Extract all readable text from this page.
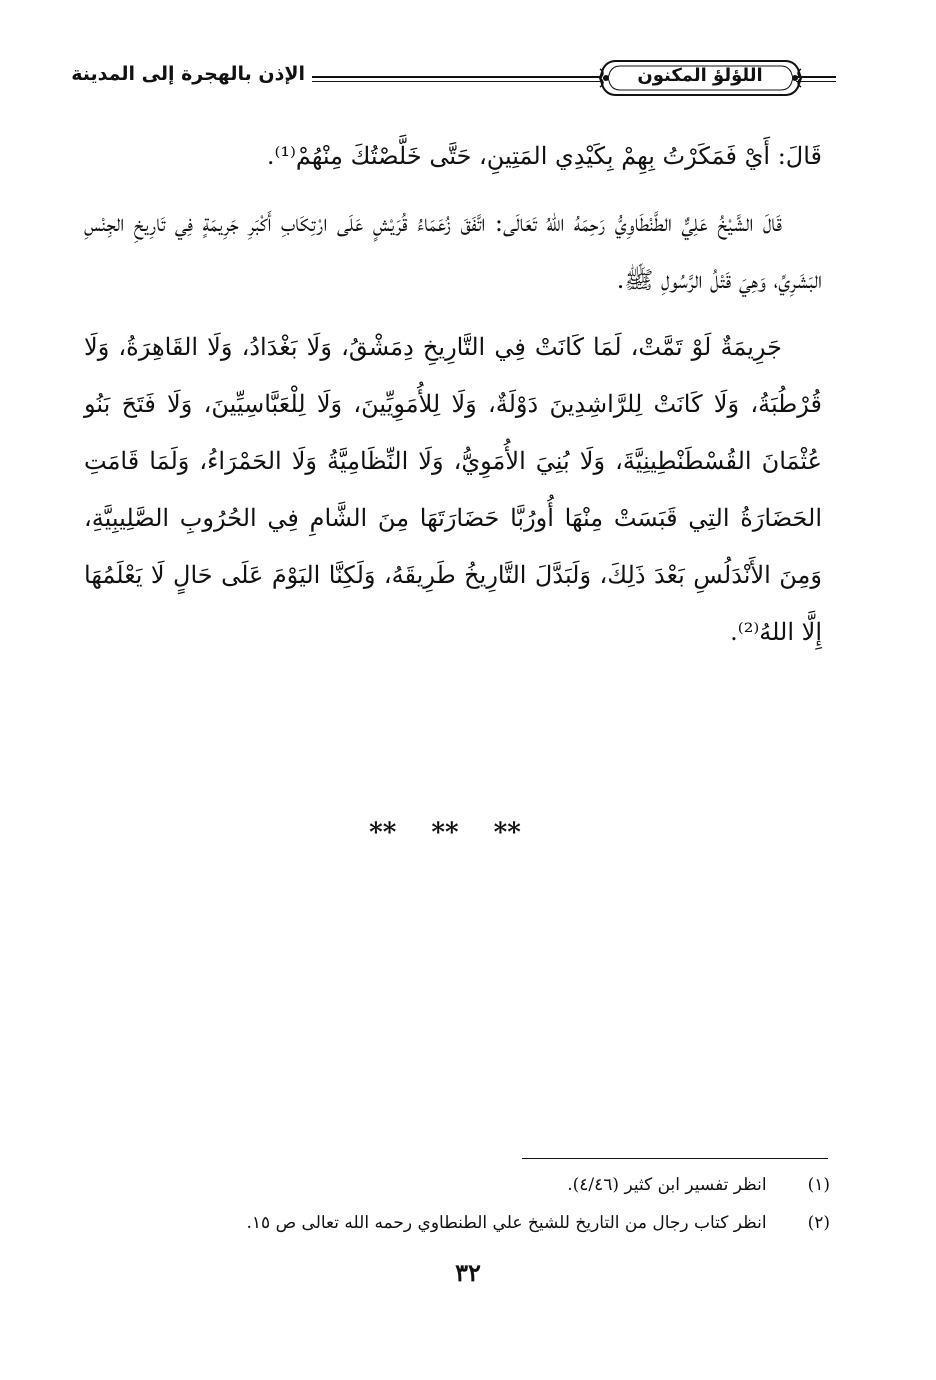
الإذن بالهجرة إلى المدينة	اللؤلؤ المكنون

قَالَ: أَيْ فَمَكَرْتُ بِهِمْ بِكَيْدِي المَتِينِ، حَتَّى خَلَّصْتُكَ مِنْهُمْ⁽¹⁾.

قَالَ الشَّيْخُ عَلِيٌّ الطَّنْطَاوِيُّ رَحِمَهُ اللهُ تَعَالَى: اتَّفَقَ زُعَمَاءُ قُرَيْشٍ عَلَى ارْتِكَابِ أَكْبَرِ جَرِيمَةٍ فِي تَارِيخِ الجِنْسِ البَشَرِيِّ، وَهِيَ قَتْلُ الرَّسُولِ ﷺ.

جَرِيمَةٌ لَوْ تَمَّتْ، لَمَا كَانَتْ فِي التَّارِيخِ دِمَشْقُ، وَلَا بَغْدَادُ، وَلَا القَاهِرَةُ، وَلَا قُرْطُبَةُ، وَلَا كَانَتْ لِلرَّاشِدِينَ دَوْلَةٌ، وَلَا لِلأُمَوِيِّينَ، وَلَا لِلْعَبَّاسِيِّينَ، وَلَا فَتَحَ بَنُو عُثْمَانَ القُسْطَنْطِينِيَّةَ، وَلَا بُنِيَ الأُمَوِيُّ، وَلَا النِّظَامِيَّةُ وَلَا الحَمْرَاءُ، وَلَمَا قَامَتِ الحَضَارَةُ التِي قَبَسَتْ مِنْهَا أُورُبَّا حَضَارَتَهَا مِنَ الشَّامِ فِي الحُرُوبِ الصَّلِيبِيَّةِ، وَمِنَ الأَنْدَلُسِ بَعْدَ ذَلِكَ، وَلَبَدَّلَ التَّارِيخُ طَرِيقَهُ، وَلَكِنَّا اليَوْمَ عَلَى حَالٍ لَا يَعْلَمُهَا إِلَّا اللهُ⁽²⁾.

** ** **
(١) انظر تفسير ابن كثير (٤/٤٦).
(٢) انظر كتاب رجال من التاريخ للشيخ علي الطنطاوي رحمه الله تعالى ص ١٥.
٣٢
